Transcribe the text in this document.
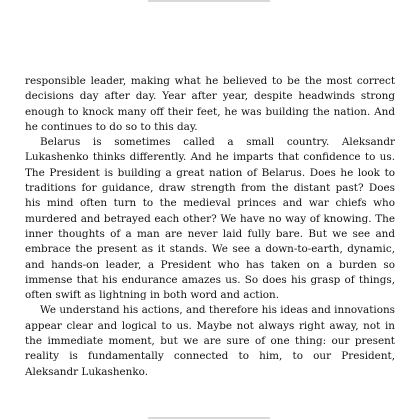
responsible leader, making what he believed to be the most correct decisions day after day. Year after year, despite headwinds strong enough to knock many off their feet, he was building the nation. And he continues to do so to this day.

Belarus is sometimes called a small country. Aleksandr Lukashenko thinks differently. And he imparts that confidence to us. The President is building a great nation of Belarus. Does he look to traditions for guidance, draw strength from the distant past? Does his mind often turn to the medieval princes and war chiefs who murdered and betrayed each other? We have no way of knowing. The inner thoughts of a man are never laid fully bare. But we see and embrace the present as it stands. We see a down-to-earth, dynamic, and hands-on leader, a President who has taken on a burden so immense that his endurance amazes us. So does his grasp of things, often swift as lightning in both word and action.

We understand his actions, and therefore his ideas and innovations appear clear and logical to us. Maybe not always right away, not in the immediate moment, but we are sure of one thing: our present reality is fundamentally connected to him, to our President, Aleksandr Lukashenko.
